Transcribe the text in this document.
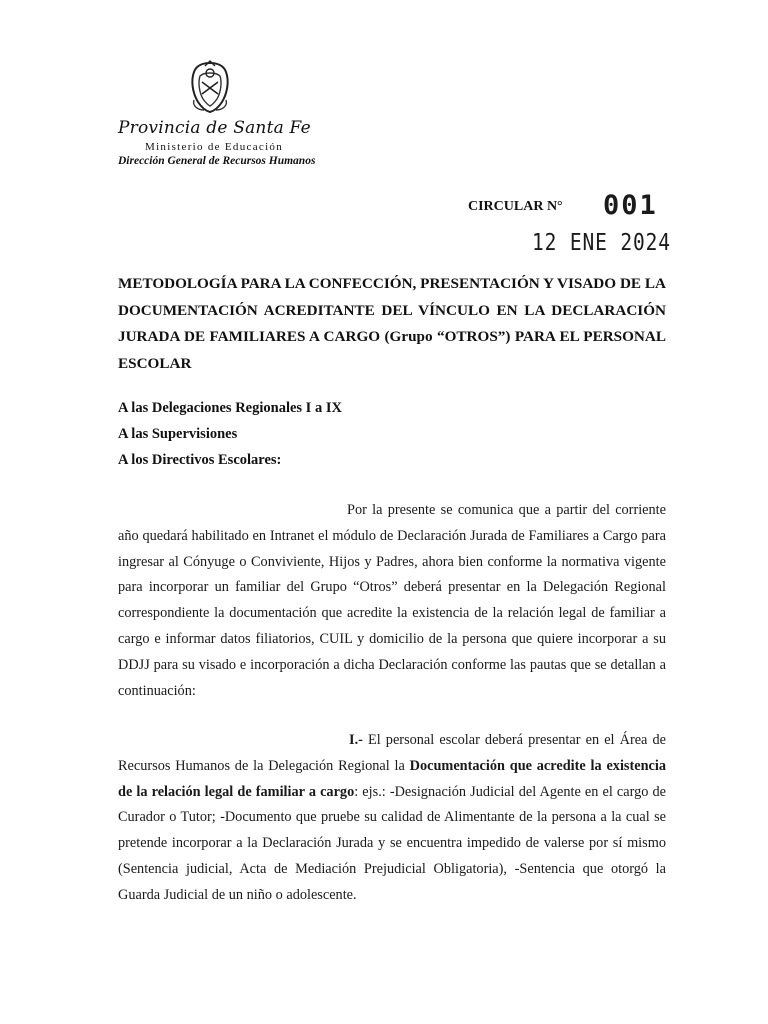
Provincia de Santa Fe
Ministerio de Educación
Dirección General de Recursos Humanos
CIRCULAR N° 001
12 ENE 2024
METODOLOGÍA PARA LA CONFECCIÓN, PRESENTACIÓN Y VISADO DE LA DOCUMENTACIÓN ACREDITANTE DEL VÍNCULO EN LA DECLARACIÓN JURADA DE FAMILIARES A CARGO (Grupo “OTROS”) PARA EL PERSONAL ESCOLAR
A las Delegaciones Regionales I a IX
A las Supervisiones
A los Directivos Escolares:
Por la presente se comunica que a partir del corriente año quedará habilitado en Intranet el módulo de Declaración Jurada de Familiares a Cargo para ingresar al Cónyuge o Conviviente, Hijos y Padres, ahora bien conforme la normativa vigente para incorporar un familiar del Grupo “Otros” deberá presentar en la Delegación Regional correspondiente la documentación que acredite la existencia de la relación legal de familiar a cargo e informar datos filiatorios, CUIL y domicilio de la persona que quiere incorporar a su DDJJ para su visado e incorporación a dicha Declaración conforme las pautas que se detallan a continuación:
I.- El personal escolar deberá presentar en el Área de Recursos Humanos de la Delegación Regional la Documentación que acredite la existencia de la relación legal de familiar a cargo: ejs.: -Designación Judicial del Agente en el cargo de Curador o Tutor; -Documento que pruebe su calidad de Alimentante de la persona a la cual se pretende incorporar a la Declaración Jurada y se encuentra impedido de valerse por sí mismo (Sentencia judicial, Acta de Mediación Prejudicial Obligatoria), -Sentencia que otorgó la Guarda Judicial de un niño o adolescente.
